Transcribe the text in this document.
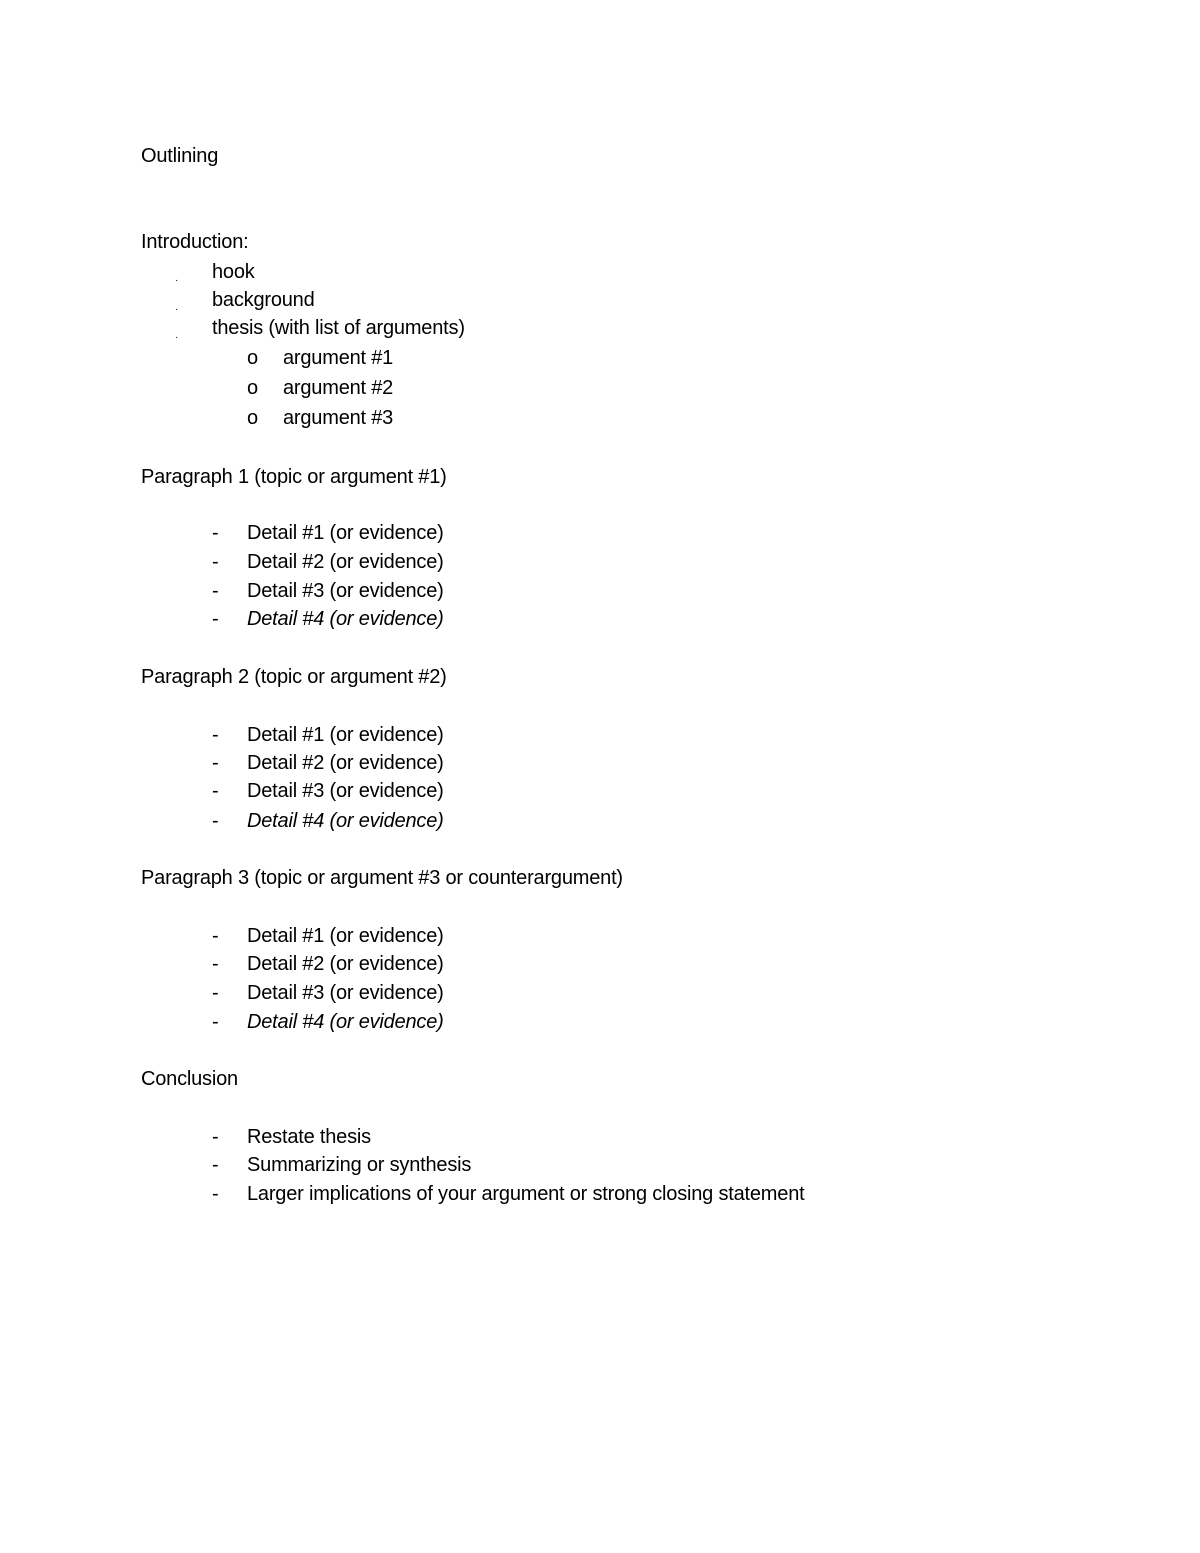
Outlining
Introduction:
· hook
· background
· thesis (with list of arguments)
o argument #1
o argument #2
o argument #3
Paragraph 1 (topic or argument #1)
- Detail #1 (or evidence)
- Detail #2 (or evidence)
- Detail #3 (or evidence)
- Detail #4 (or evidence)
Paragraph 2 (topic or argument #2)
- Detail #1 (or evidence)
- Detail #2 (or evidence)
- Detail #3 (or evidence)
- Detail #4 (or evidence)
Paragraph 3 (topic or argument #3 or counterargument)
- Detail #1 (or evidence)
- Detail #2 (or evidence)
- Detail #3 (or evidence)
- Detail #4 (or evidence)
Conclusion
- Restate thesis
- Summarizing or synthesis
- Larger implications of your argument or strong closing statement
